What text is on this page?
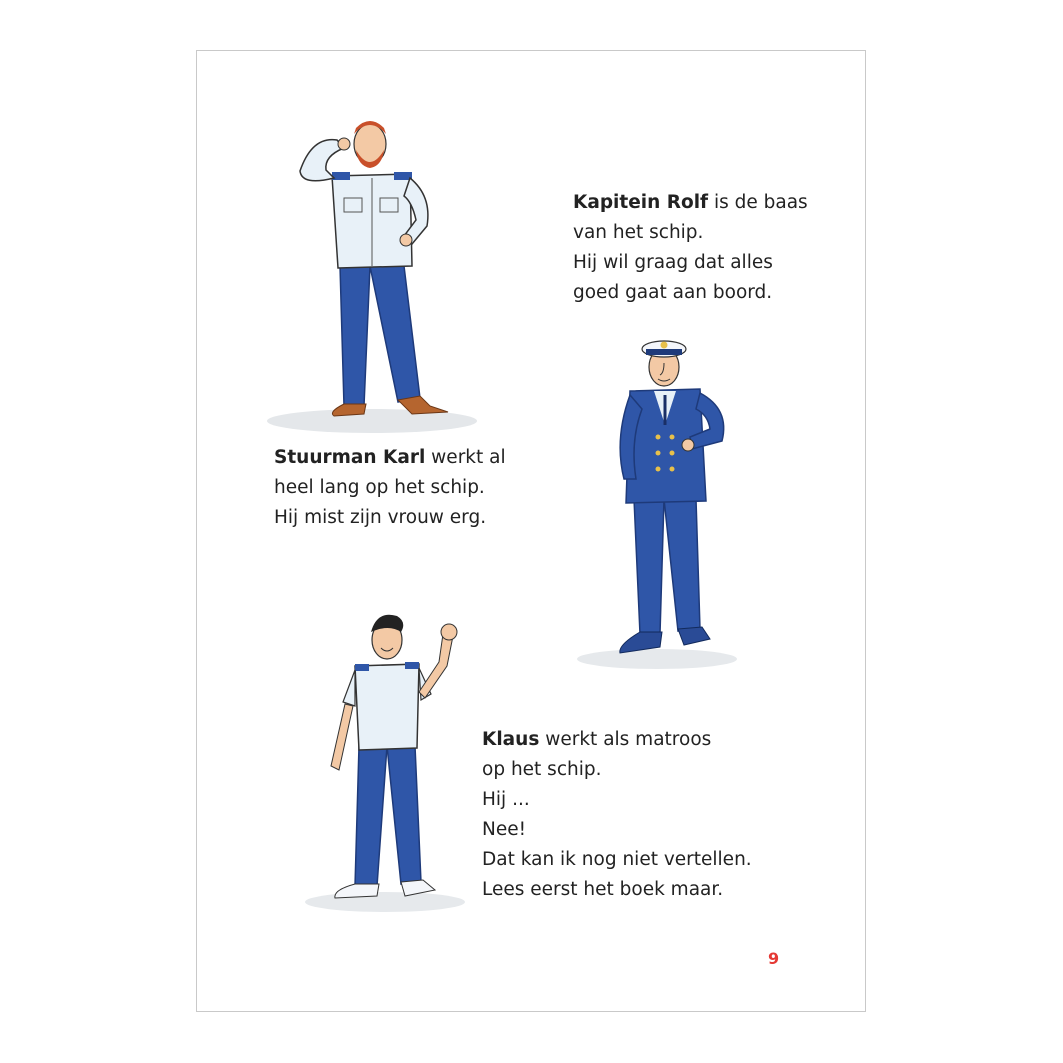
Kapitein Rolf is de baas
van het schip.
Hij wil graag dat alles
goed gaat aan boord.

Stuurman Karl werkt al
heel lang op het schip.
Hij mist zijn vrouw erg.

Klaus werkt als matroos
op het schip.
Hij ...
Nee!
Dat kan ik nog niet vertellen.
Lees eerst het boek maar.

9
